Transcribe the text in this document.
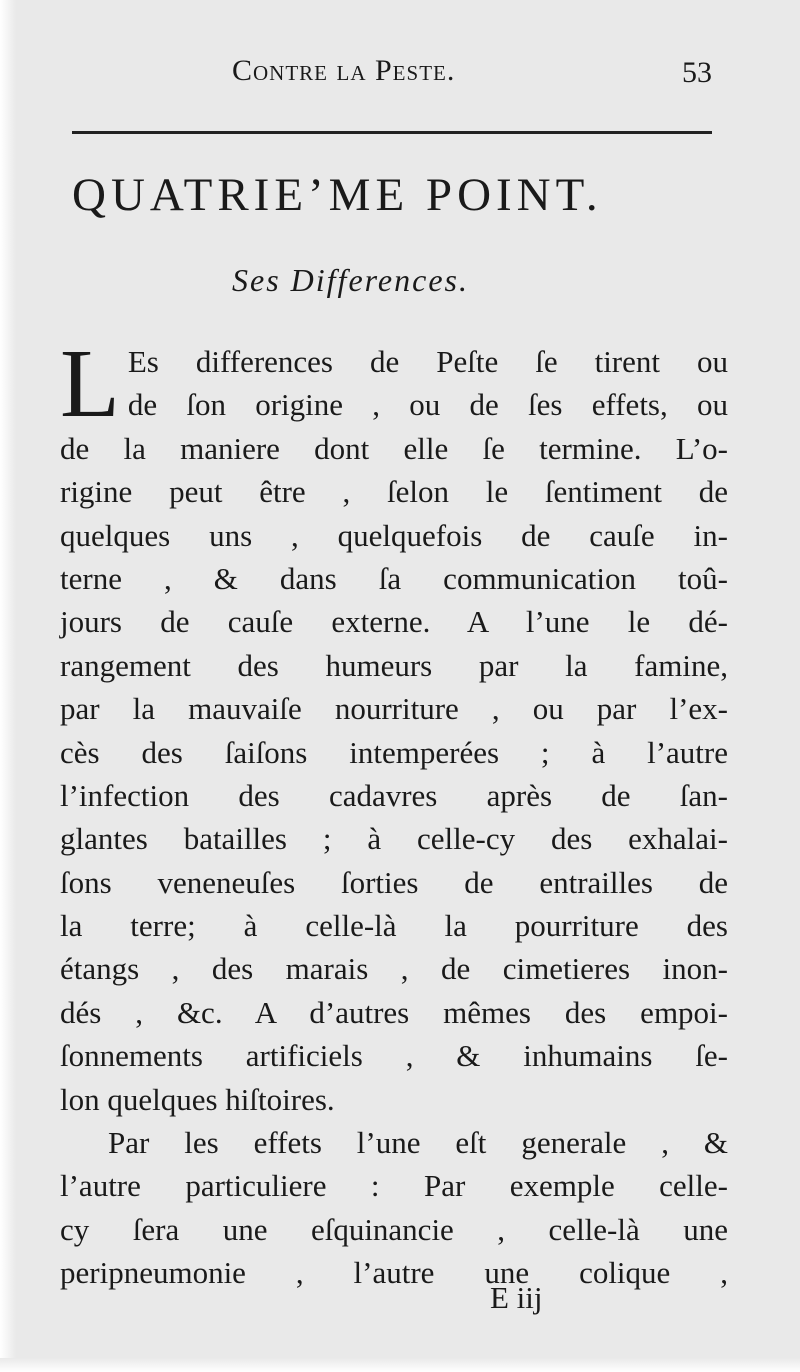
Contre la Peste.	53
QUATRIE’ME POINT.
Ses Differences.
L Es differences de Peſte ſe tirent ou
de ſon origine , ou de ſes effets, ou
de la maniere dont elle ſe termine. L’o-
rigine peut être , ſelon le ſentiment de
quelques uns , quelquefois de cauſe in-
terne , & dans ſa communication toû-
jours de cauſe externe. A l’une le dé-
rangement des humeurs par la famine,
par la mauvaiſe nourriture , ou par l’ex-
cès des ſaiſons intemperées ; à l’autre
l’infection des cadavres après de ſan-
glantes batailles ; à celle-cy des exhalai-
ſons veneneuſes ſorties de entrailles de
la terre; à celle-là la pourriture des
étangs , des marais , de cimetieres inon-
dés , &c. A d’autres mêmes des empoi-
ſonnements artificiels , & inhumains ſe-
lon quelques hiſtoires.
Par les effets l’une eſt generale , &
l’autre particuliere : Par exemple celle-
cy ſera une eſquinancie , celle-là une
peripneumonie , l’autre une colique ,
E iij
